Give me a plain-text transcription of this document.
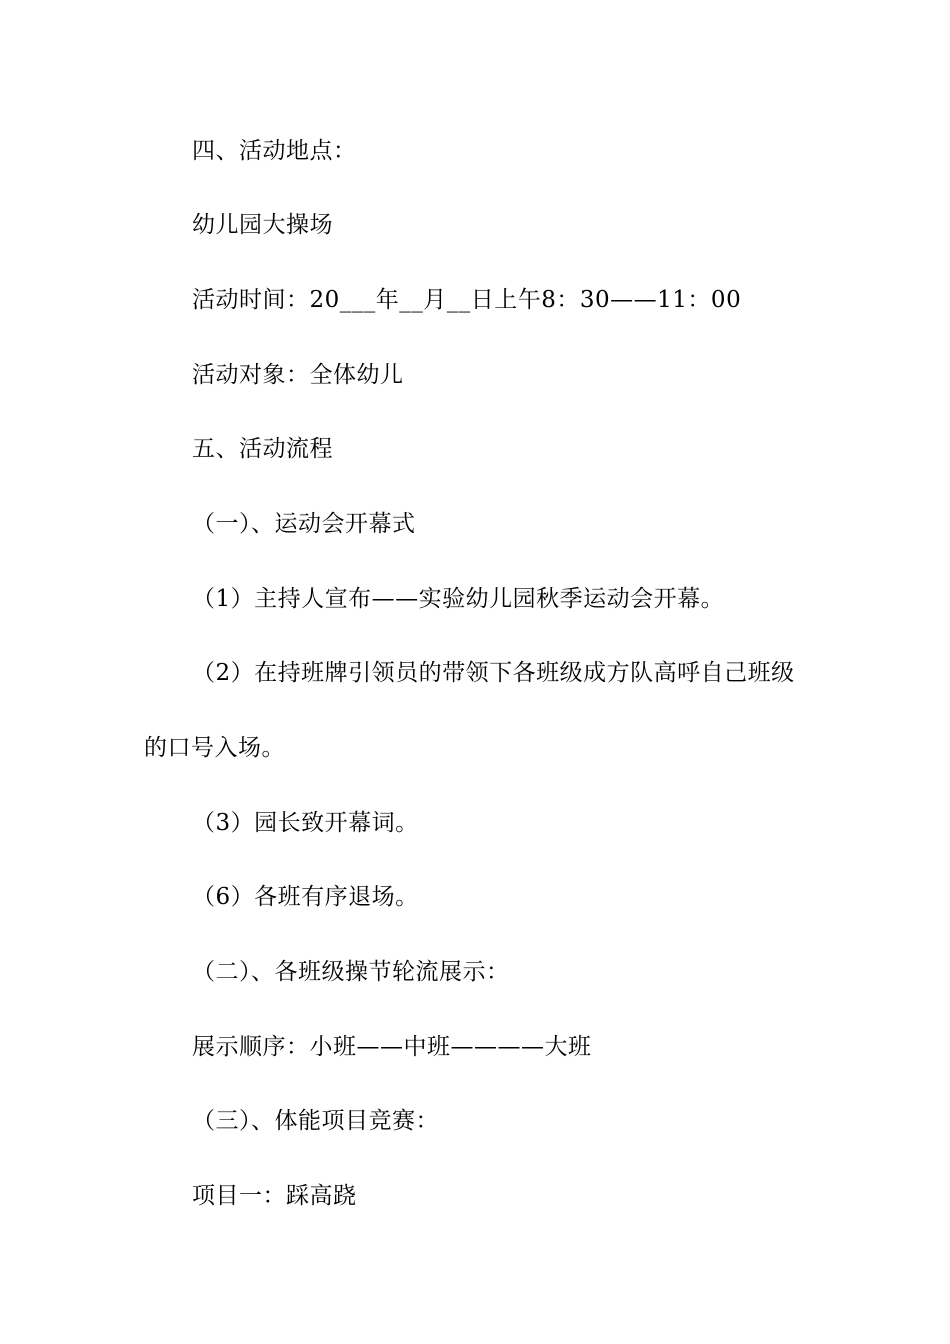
四、活动地点：
幼儿园大操场
活动时间：20___年__月__日上午8：30——11：00
活动对象：全体幼儿
五、活动流程
（一）、运动会开幕式
（1）主持人宣布——实验幼儿园秋季运动会开幕。
（2）在持班牌引领员的带领下各班级成方队高呼自己班级
的口号入场。
（3）园长致开幕词。
（6）各班有序退场。
（二）、各班级操节轮流展示：
展示顺序：小班——中班————大班
（三）、体能项目竞赛：
项目一：踩高跷
